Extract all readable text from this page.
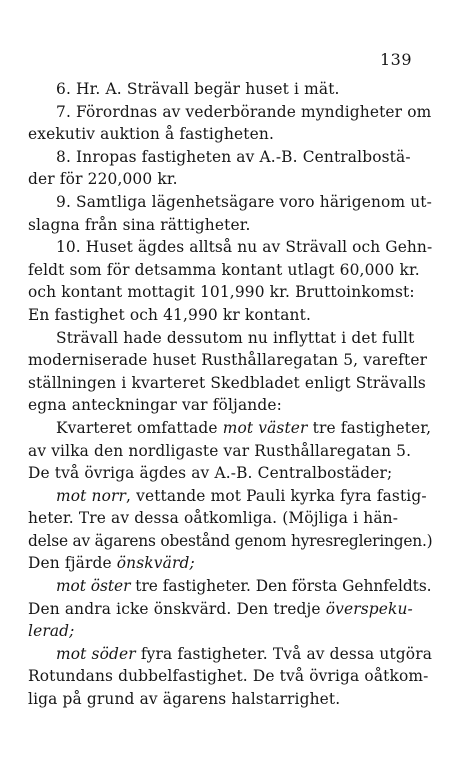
139
6. Hr. A. Strävall begär huset i mät.
7. Förordnas av vederbörande myndigheter om
exekutiv auktion å fastigheten.
8. Inropas fastigheten av A.-B. Centralbostä-
der för 220,000 kr.
9. Samtliga lägenhetsägare voro härigenom ut-
slagna från sina rättigheter.
10. Huset ägdes alltså nu av Strävall och Gehn-
feldt som för detsamma kontant utlagt 60,000 kr.
och kontant mottagit 101,990 kr. Bruttoinkomst:
En fastighet och 41,990 kr kontant.
Strävall hade dessutom nu inflyttat i det fullt
moderniserade huset Rusthållaregatan 5, varefter
ställningen i kvarteret Skedbladet enligt Strävalls
egna anteckningar var följande:
Kvarteret omfattade mot väster tre fastigheter,
av vilka den nordligaste var Rusthållaregatan 5.
De två övriga ägdes av A.-B. Centralbostäder;
mot norr, vettande mot Pauli kyrka fyra fastig-
heter. Tre av dessa oåtkomliga. (Möjliga i hän-
delse av ägarens obestånd genom hyresregleringen.)
Den fjärde önskvärd;
mot öster tre fastigheter. Den första Gehnfeldts.
Den andra icke önskvärd. Den tredje överspeku-
lerad;
mot söder fyra fastigheter. Två av dessa utgöra
Rotundans dubbelfastighet. De två övriga oåtkom-
liga på grund av ägarens halstarrighet.
